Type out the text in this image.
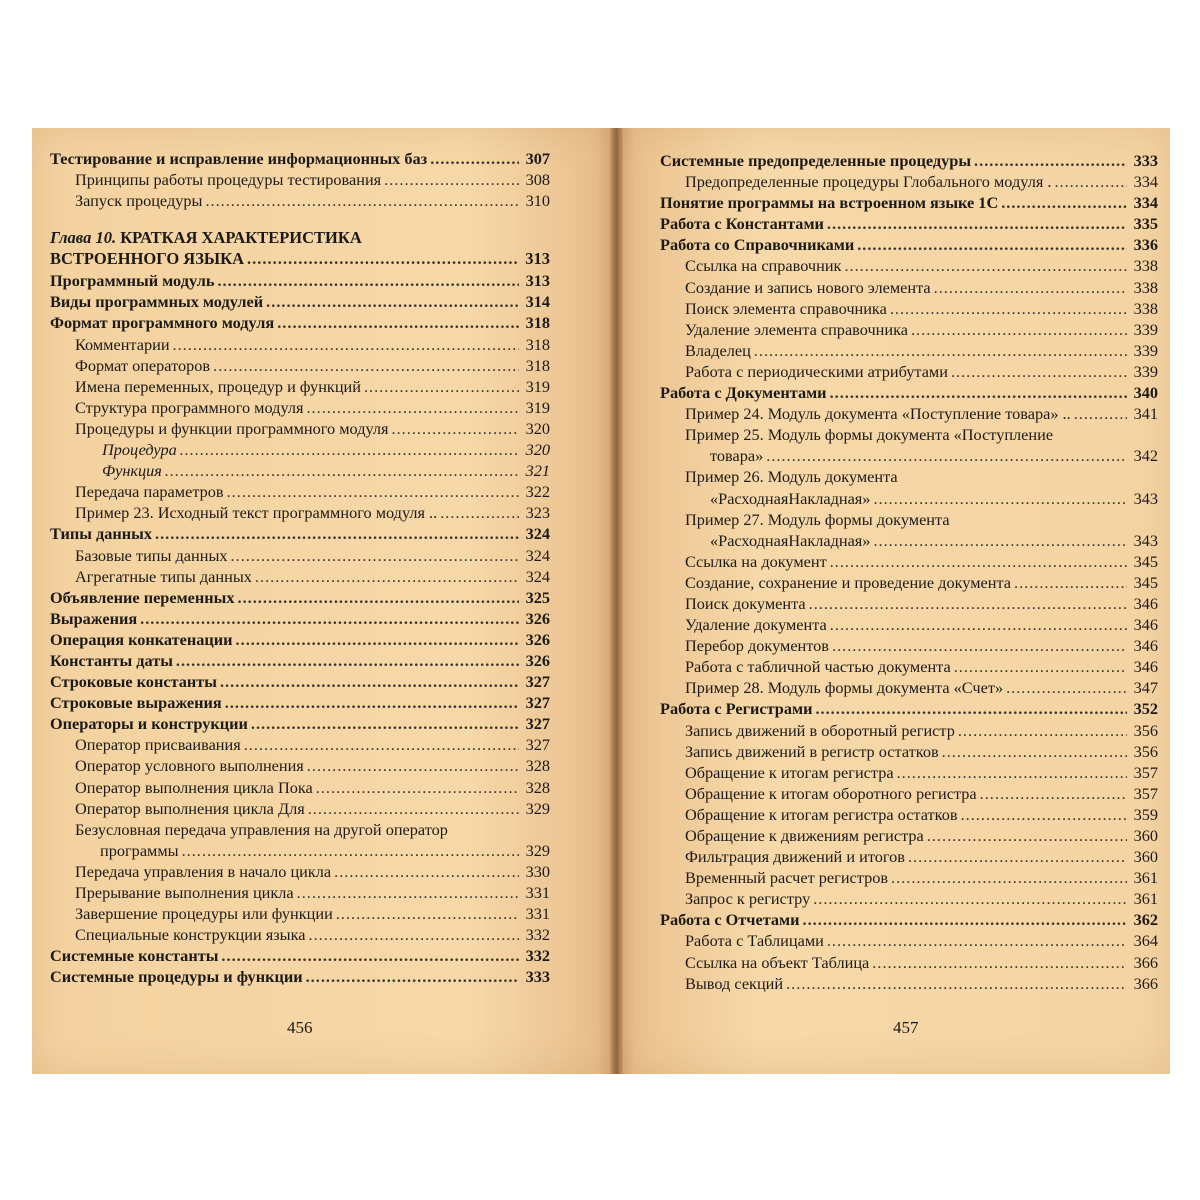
Тестирование и исправление информационных баз .....	307
Принципы работы процедуры тестирования .....	308
Запуск процедуры .....	310
Глава 10. КРАТКАЯ ХАРАКТЕРИСТИКА
ВСТРОЕННОГО ЯЗЫКА .....	313
Программный модуль .....	313
Виды программных модулей .....	314
Формат программного модуля .....	318
Комментарии .....	318
Формат операторов .....	318
Имена переменных, процедур и функций .....	319
Структура программного модуля .....	319
Процедуры и функции программного модуля .....	320
Процедура .....	320
Функция .....	321
Передача параметров .....	322
Пример 23. Исходный текст программного модуля .. .....	323
Типы данных .....	324
Базовые типы данных .....	324
Агрегатные типы данных .....	324
Объявление переменных .....	325
Выражения .....	326
Операция конкатенации .....	326
Константы даты .....	326
Строковые константы .....	327
Строковые выражения .....	327
Операторы и конструкции .....	327
Оператор присваивания .....	327
Оператор условного выполнения .....	328
Оператор выполнения цикла Пока .....	328
Оператор выполнения цикла Для .....	329
Безусловная передача управления на другой оператор
программы .....	329
Передача управления в начало цикла .....	330
Прерывание выполнения цикла .....	331
Завершение процедуры или функции .....	331
Специальные конструкции языка .....	332
Системные константы .....	332
Системные процедуры и функции .....	333
456
Системные предопределенные процедуры .....	333
Предопределенные процедуры Глобального модуля . .....	334
Понятие программы на встроенном языке 1С .....	334
Работа с Константами .....	335
Работа со Справочниками .....	336
Ссылка на справочник .....	338
Создание и запись нового элемента .....	338
Поиск элемента справочника .....	338
Удаление элемента справочника .....	339
Владелец .....	339
Работа с периодическими атрибутами .....	339
Работа с Документами .....	340
Пример 24. Модуль документа «Поступление товара» .. .....	341
Пример 25. Модуль формы документа «Поступление
товара» .....	342
Пример 26. Модуль документа
«РасходнаяНакладная» .....	343
Пример 27. Модуль формы документа
«РасходнаяНакладная» .....	343
Ссылка на документ .....	345
Создание, сохранение и проведение документа .....	345
Поиск документа .....	346
Удаление документа .....	346
Перебор документов .....	346
Работа с табличной частью документа .....	346
Пример 28. Модуль формы документа «Счет» .....	347
Работа с Регистрами .....	352
Запись движений в оборотный регистр .....	356
Запись движений в регистр остатков .....	356
Обращение к итогам регистра .....	357
Обращение к итогам оборотного регистра .....	357
Обращение к итогам регистра остатков .....	359
Обращение к движениям регистра .....	360
Фильтрация движений и итогов .....	360
Временный расчет регистров .....	361
Запрос к регистру .....	361
Работа с Отчетами .....	362
Работа с Таблицами .....	364
Ссылка на объект Таблица .....	366
Вывод секций .....	366
457
